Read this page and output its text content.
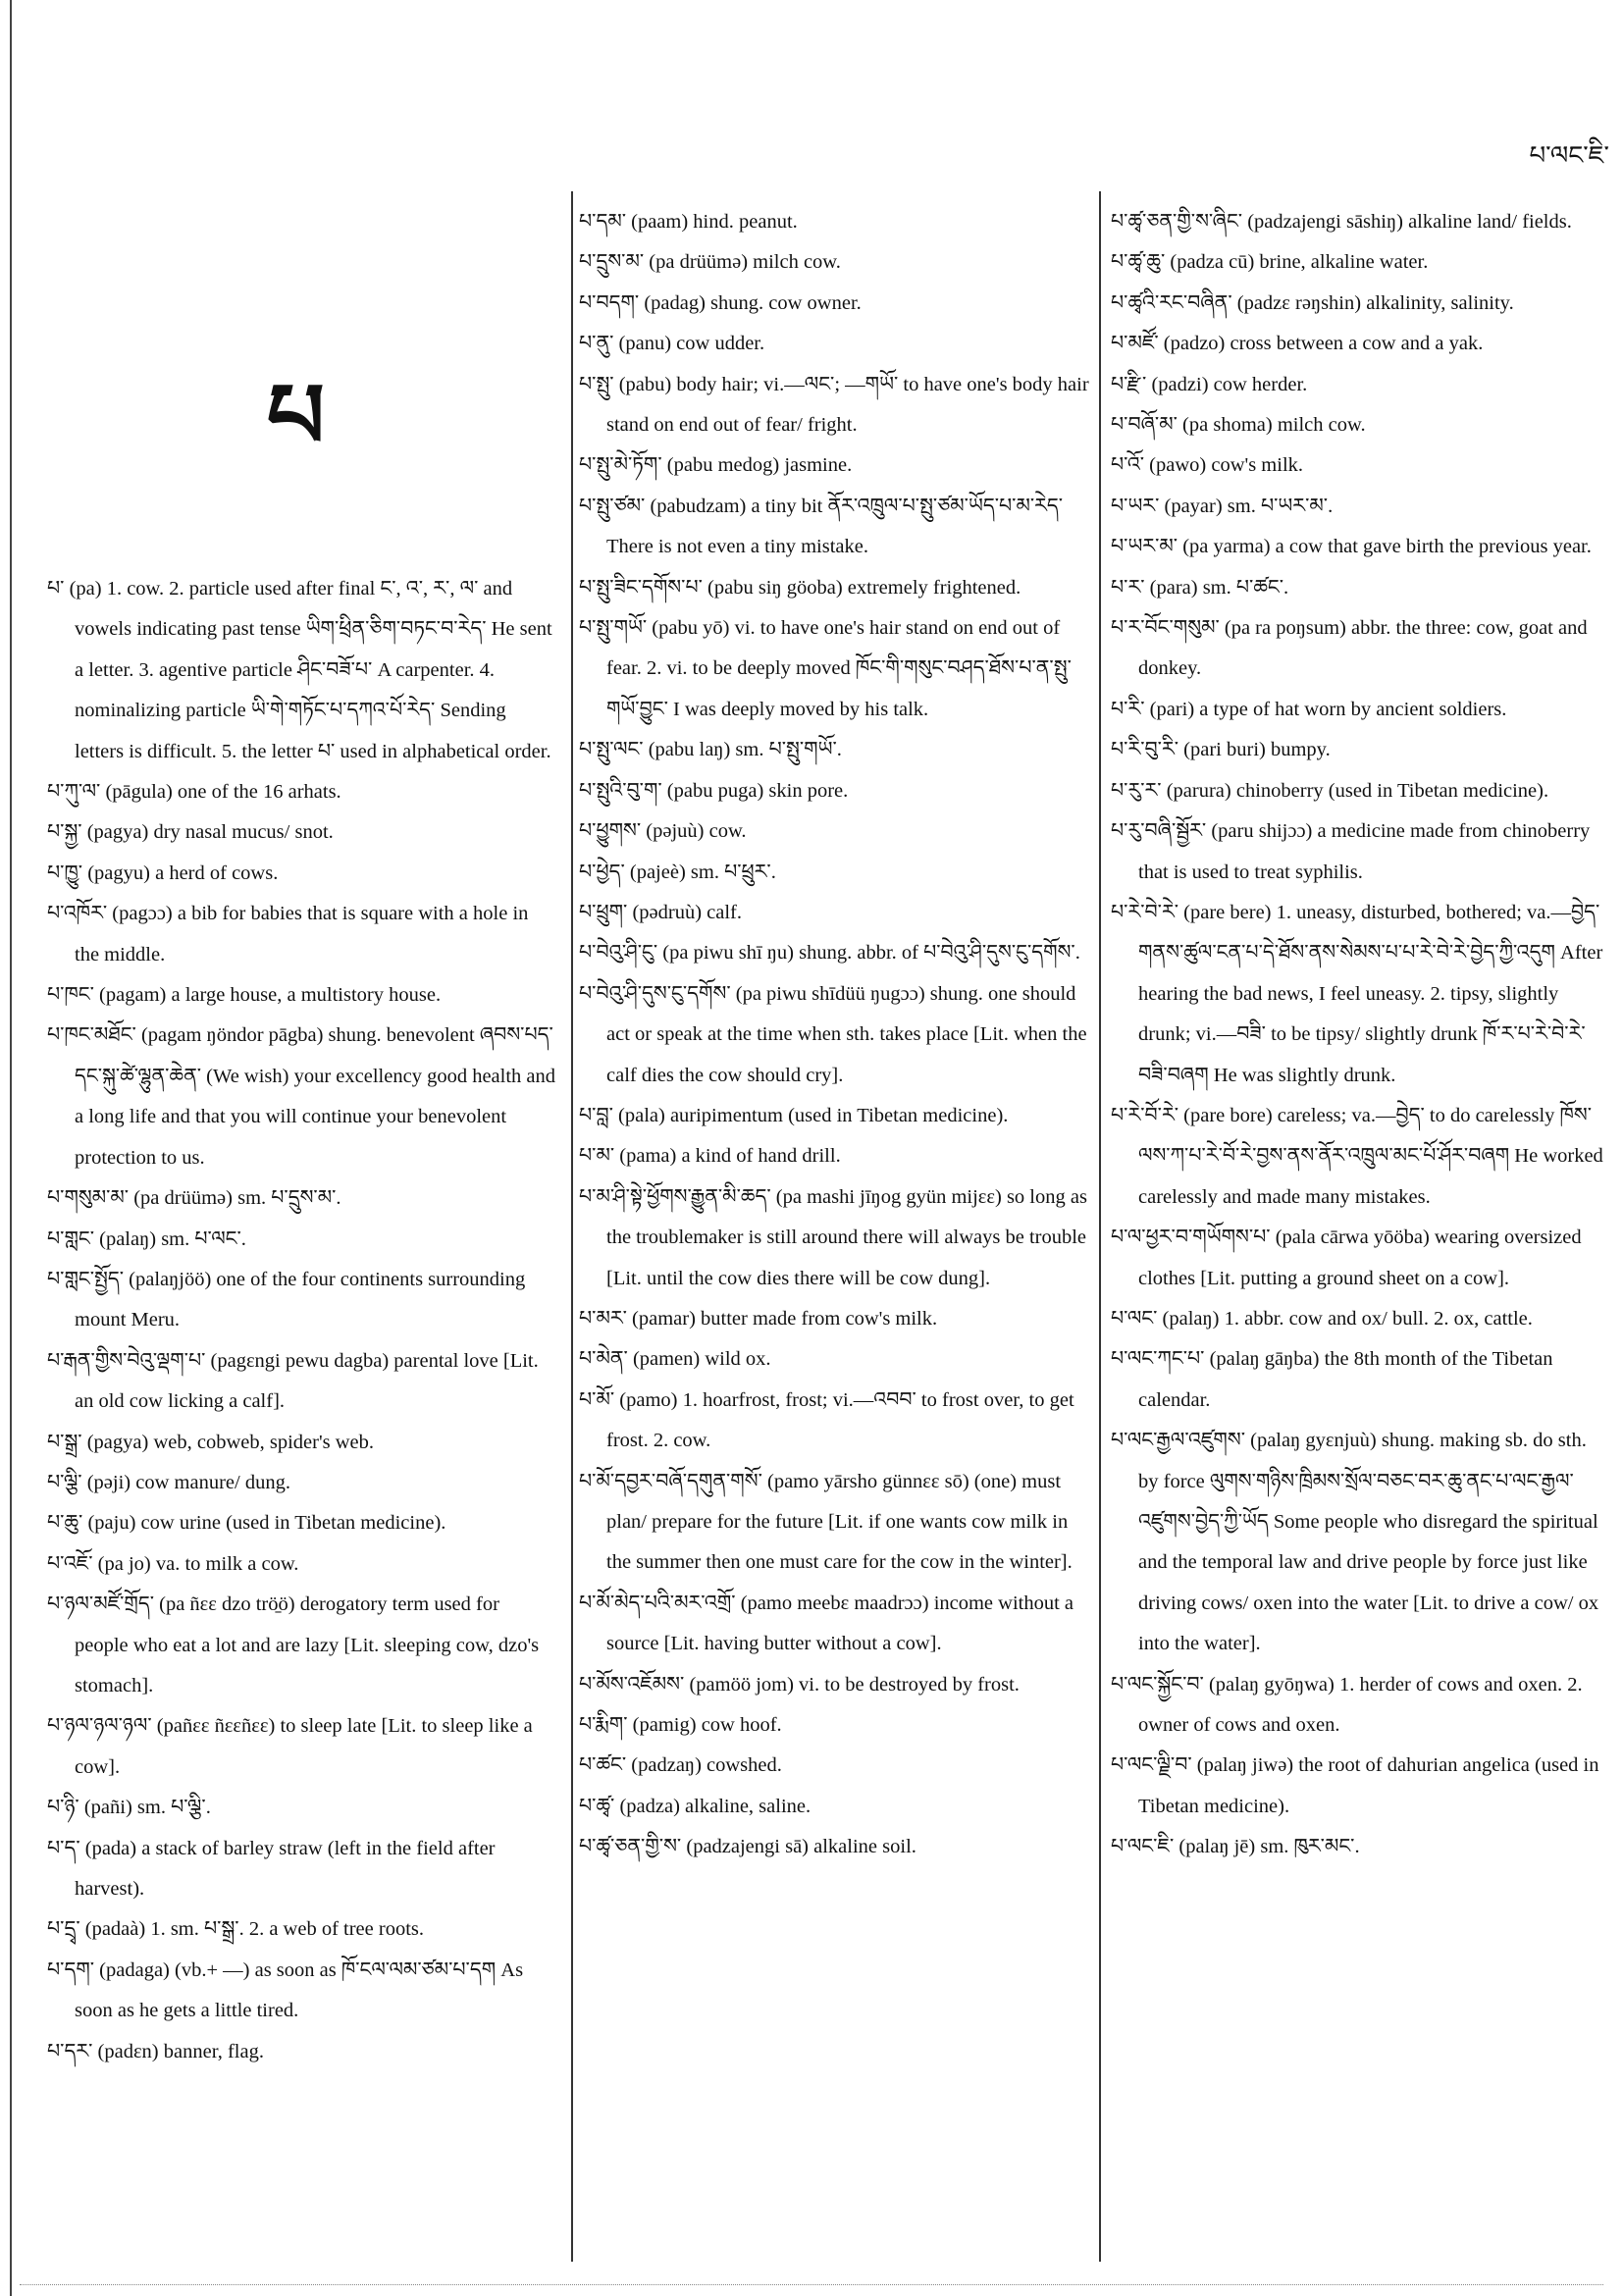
པ་ལང་ཇི་
པ

པ་ (pa) 1. cow. 2. particle used after final ང་, འ་, ར་, ལ་ and vowels indicating past tense ཡིག་ཕྲིན་ཅིག་བཏང་བ་རེད་ He sent a letter. 3. agentive particle ཤིང་བཟོ་པ་ A carpenter. 4. nominalizing particle ཡི་གེ་གཏོང་པ་དཀའ་པོ་རེད་ Sending letters is difficult. 5. the letter པ་ used in alphabetical order.

པ་ཀུ་ལ་ (pāgula) one of the 16 arhats.

པ་སྐྱ་ (pagya) dry nasal mucus/ snot.

པ་ཁྱུ་ (pagyu) a herd of cows.

པ་འཁོར་ (pagɔɔ) a bib for babies that is square with a hole in the middle.

པ་ཁང་ (pagam) a large house, a multistory house.

པ་ཁང་མཐོང་ (pagam ŋöndor pāgba) shung. benevolent ཞབས་པད་དང་སྐུ་ཚེ་ལྷུན་ཆེན་ (We wish) your excellency good health and a long life and that you will continue your benevolent protection to us.

པ་གསུམ་མ་ (pa drüümə) sm. པ་དྲུས་མ་.

པ་གླང་ (palaŋ) sm. པ་ལང་.

པ་གླང་སྤྱོད་ (palaŋjöö) one of the four continents surrounding mount Meru.

པ་རྒན་གྱིས་བེའུ་ལྡག་པ་ (pagɛngi pewu dagba) parental love [Lit. an old cow licking a calf].

པ་སྒྲ་ (pagya) web, cobweb, spider's web.

པ་ལྕི་ (pəji) cow manure/ dung.

པ་ཆུ་ (paju) cow urine (used in Tibetan medicine).

པ་འཇོ་ (pa jo) va. to milk a cow.

པ་ཉལ་མཛོ་གྲོད་ (pa ñɛɛ dzo trö̱ö) derogatory term used for people who eat a lot and are lazy [Lit. sleeping cow, dzo's stomach].

པ་ཉལ་ཉལ་ཉལ་ (pañɛɛ ñɛɛñɛɛ) to sleep late [Lit. to sleep like a cow].

པ་ཉི་ (pañi) sm. པ་ལྕི་.

པ་ད་ (pada) a stack of barley straw (left in the field after harvest).

པ་དྲྭ་ (padaà) 1. sm. པ་སྒྲ་. 2. a web of tree roots.

པ་དག་ (padaga) (vb.+ —) as soon as ཁོ་ངལ་ལམ་ཙམ་པ་དག As soon as he gets a little tired.

པ་དར་ (padɛn) banner, flag.

པ་དམ་ (paam) hind. peanut.

པ་དྲུས་མ་ (pa drüümə) milch cow.

པ་བདག་ (padag) shung. cow owner.

པ་ནུ་ (panu) cow udder.

པ་སྤུ་ (pabu) body hair; vi.—ལང་; —གཡོ་ to have one's body hair stand on end out of fear/ fright.

པ་སྤུ་མེ་ཏོག་ (pabu medog) jasmine.

པ་སྤུ་ཙམ་ (pabudzam) a tiny bit ནོར་འཁྲུལ་པ་སྤུ་ཙམ་ཡོད་པ་མ་རེད་ There is not even a tiny mistake.

པ་སྤུ་ཟིང་དགོས་པ་ (pabu siŋ göoba) extremely frightened.

པ་སྤུ་གཡོ་ (pabu yō) vi. to have one's hair stand on end out of fear. 2. vi. to be deeply moved ཁོང་གི་གསུང་བཤད་ཐོས་པ་ན་སྤུ་གཡོ་བྱུང་ I was deeply moved by his talk.

པ་སྤུ་ལང་ (pabu laŋ) sm. པ་སྤུ་གཡོ་.

པ་སྤུའི་བུ་ག་ (pabu puga) skin pore.

པ་ཕྱུགས་ (pəjuù) cow.

པ་ཕྱེད་ (pajeè) sm. པ་ཕྲུར་.

པ་ཕྲུག་ (pədruù) calf.

པ་བེའུ་ཤི་ངུ་ (pa piwu shī ŋu) shung. abbr. of པ་བེའུ་ཤི་དུས་ངུ་དགོས་.

པ་བེའུ་ཤི་དུས་ངུ་དགོས་ (pa piwu shīdüü ŋugɔɔ) shung. one should act or speak at the time when sth. takes place [Lit. when the calf dies the cow should cry].

པ་བླ་ (pala) auripimentum (used in Tibetan medicine).

པ་མ་ (pama) a kind of hand drill.

པ་མ་ཤི་སྟེ་ཕྱོགས་རྒྱུན་མི་ཆད་ (pa mashi jīŋog gyün mijɛɛ) so long as the troublemaker is still around there will always be trouble [Lit. until the cow dies there will be cow dung].

པ་མར་ (pamar) butter made from cow's milk.

པ་མེན་ (pamen) wild ox.

པ་མོ་ (pamo) 1. hoarfrost, frost; vi.—འབབ་ to frost over, to get frost. 2. cow.

པ་མོ་དབྱར་བཞོ་དགུན་གསོ་ (pamo yārsho günnɛɛ sō) (one) must plan/ prepare for the future [Lit. if one wants cow milk in the summer then one must care for the cow in the winter].

པ་མོ་མེད་པའི་མར་འགྲོ་ (pamo meebɛ maadrɔɔ) income without a source [Lit. having butter without a cow].

པ་མོས་འཇོམས་ (pamöö jom) vi. to be destroyed by frost.

པ་རྨིག་ (pamig) cow hoof.

པ་ཚང་ (padzaŋ) cowshed.

པ་ཚྭ་ (padza) alkaline, saline.

པ་ཚྭ་ཅན་གྱི་ས་ (padzajengi sā) alkaline soil.

པ་ཚྭ་ཅན་གྱི་ས་ཞིང་ (padzajengi sāshiŋ) alkaline land/ fields.

པ་ཚྭ་ཆུ་ (padza cū) brine, alkaline water.

པ་ཚྭའི་རང་བཞིན་ (padzɛ rəŋshin) alkalinity, salinity.

པ་མཛོ་ (padzo) cross between a cow and a yak.

པ་རྫི་ (padzi) cow herder.

པ་བཞོ་མ་ (pa shoma) milch cow.

པ་འོ་ (pawo) cow's milk.

པ་ཡར་ (payar) sm. པ་ཡར་མ་.

པ་ཡར་མ་ (pa yarma) a cow that gave birth the previous year.

པ་ར་ (para) sm. པ་ཚང་.

པ་ར་བོང་གསུམ་ (pa ra poŋsum) abbr. the three: cow, goat and donkey.

པ་རི་ (pari) a type of hat worn by ancient soldiers.

པ་རི་བུ་རི་ (pari buri) bumpy.

པ་རུ་ར་ (parura) chinoberry (used in Tibetan medicine).

པ་རུ་བཞི་སྦྱོར་ (paru shijɔɔ) a medicine made from chinoberry that is used to treat syphilis.

པ་རེ་བེ་རེ་ (pare bere) 1. uneasy, disturbed, bothered; va.—བྱེད་ གནས་ཚུལ་ངན་པ་དེ་ཐོས་ནས་སེམས་པ་པ་རེ་བེ་རེ་བྱེད་ཀྱི་འདུག After hearing the bad news, I feel uneasy. 2. tipsy, slightly drunk; vi.—བཟི་ to be tipsy/ slightly drunk ཁོ་ར་པ་རེ་བེ་རེ་བཟི་བཞག He was slightly drunk.

པ་རེ་བོ་རེ་ (pare bore) careless; va.—བྱེད་ to do carelessly ཁོས་ལས་ཀ་པ་རེ་བོ་རེ་བྱས་ནས་ནོར་འཁྲུལ་མང་པོ་ཤོར་བཞག He worked carelessly and made many mistakes.

པ་ལ་ཕྱར་བ་གཡོགས་པ་ (pala cārwa yōöba) wearing oversized clothes [Lit. putting a ground sheet on a cow].

པ་ལང་ (palaŋ) 1. abbr. cow and ox/ bull. 2. ox, cattle.

པ་ལང་ཀང་པ་ (palaŋ gāŋba) the 8th month of the Tibetan calendar.

པ་ལང་རྒྱལ་འཛུགས་ (palaŋ gyɛnjuù) shung. making sb. do sth. by force ལུགས་གཉིས་ཁྲིམས་སྲོལ་བཅང་བར་ཆུ་ནང་པ་ལང་རྒྱལ་འཛུགས་བྱེད་ཀྱི་ཡོད Some people who disregard the spiritual and the temporal law and drive people by force just like driving cows/ oxen into the water [Lit. to drive a cow/ ox into the water].

པ་ལང་སྐྱོང་བ་ (palaŋ gyōŋwa) 1. herder of cows and oxen. 2. owner of cows and oxen.

པ་ལང་ལྗི་བ་ (palaŋ jiwə) the root of dahurian angelica (used in Tibetan medicine).

པ་ལང་ཇི་ (palaŋ jē) sm. ཁུར་མང་.
